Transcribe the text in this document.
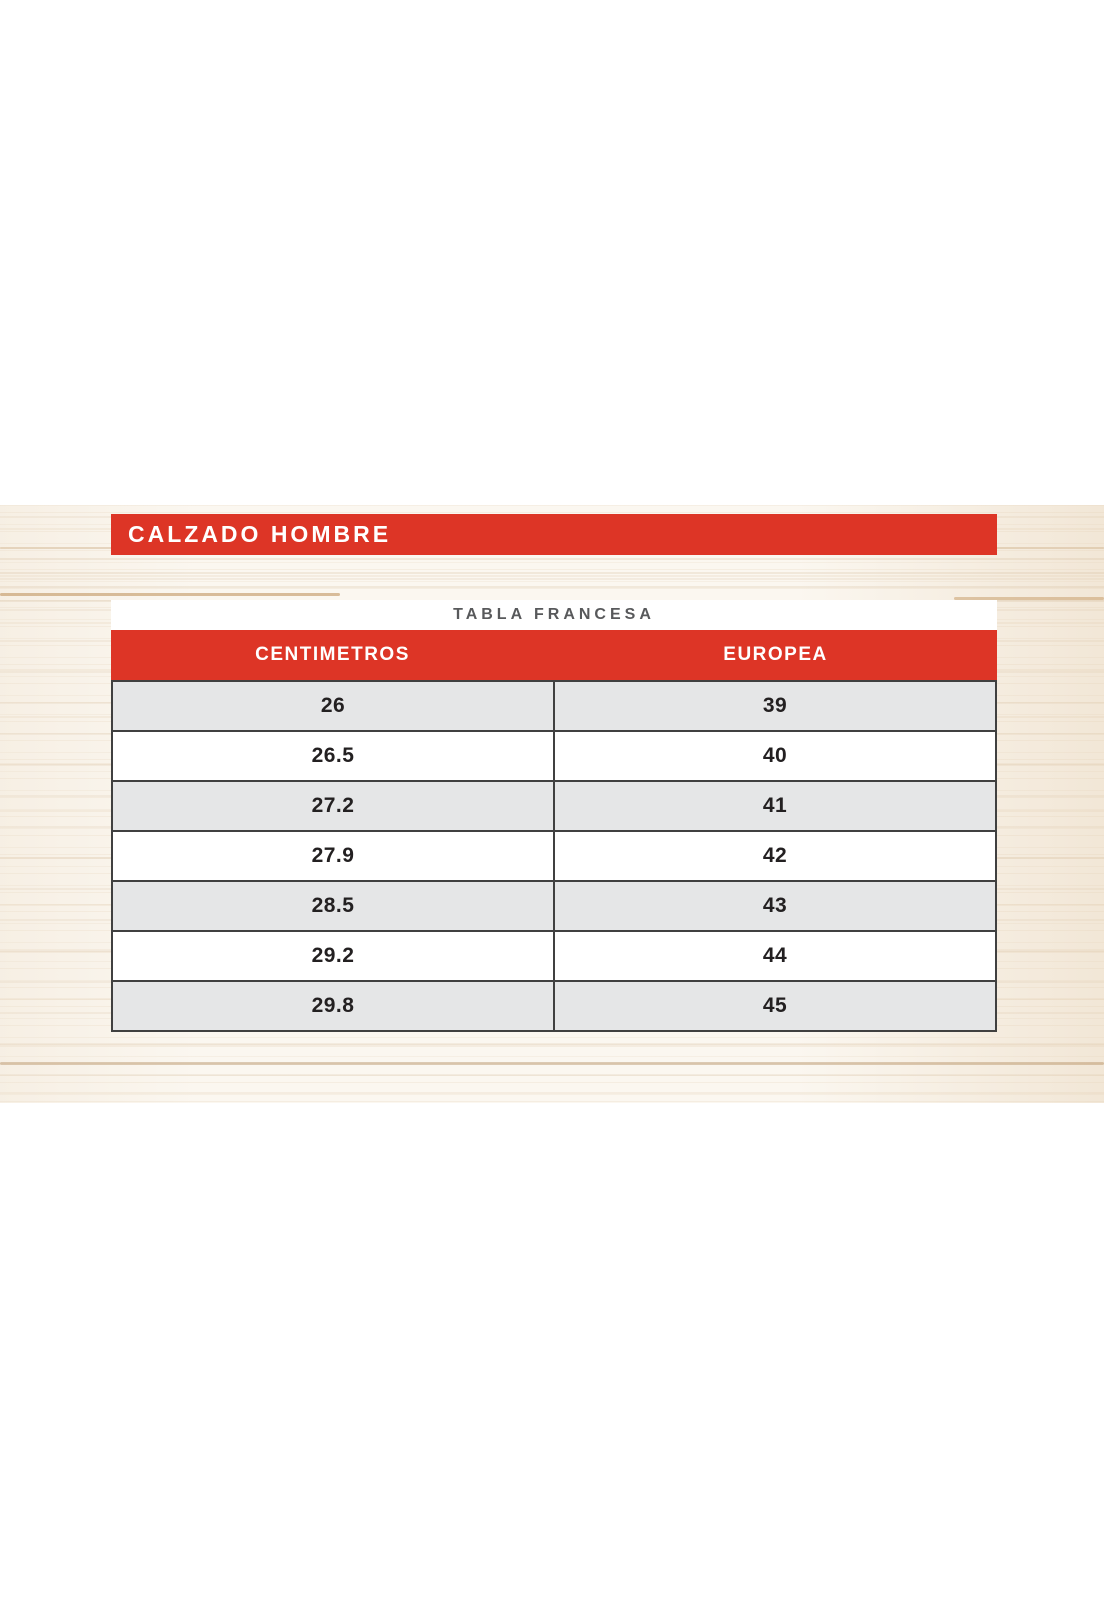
CALZADO HOMBRE
TABLA FRANCESA
CENTIMETROS	EUROPEA
26	39
26.5	40
27.2	41
27.9	42
28.5	43
29.2	44
29.8	45
